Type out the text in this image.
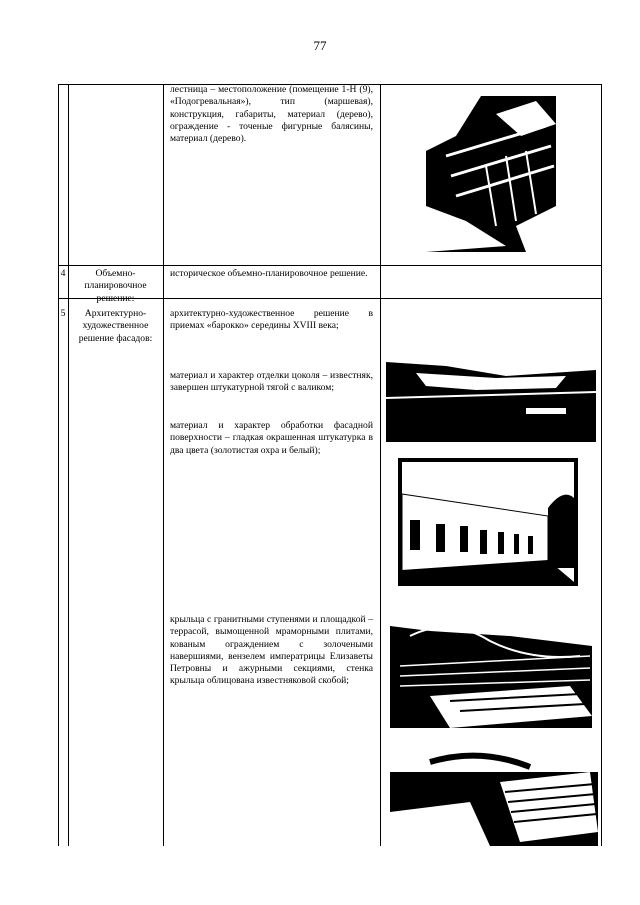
77
лестница – местоположение (помещение 1-Н (9), «Подогревальная»), тип (маршевая), конструкция, габариты, материал (дерево), ограждение - точеные фигурные балясины, материал (дерево).
4	Объемно-планировочное решение:
историческое объемно-планировочное решение.
5	Архитектурно-художественное решение фасадов:
архитектурно-художественное решение в приемах «барокко» середины XVIII века;
материал и характер отделки цоколя – известняк, завершен штукатурной тягой с валиком;
материал и характер обработки фасадной поверхности – гладкая окрашенная штукатурка в два цвета (золотистая охра и белый);
крыльца с гранитными ступенями и площадкой – террасой, вымощенной мраморными плитами, кованым ограждением с золочеными навершиями, вензелем императрицы Елизаветы Петровны и ажурными секциями, стенка крыльца облицована известняковой скобой;
